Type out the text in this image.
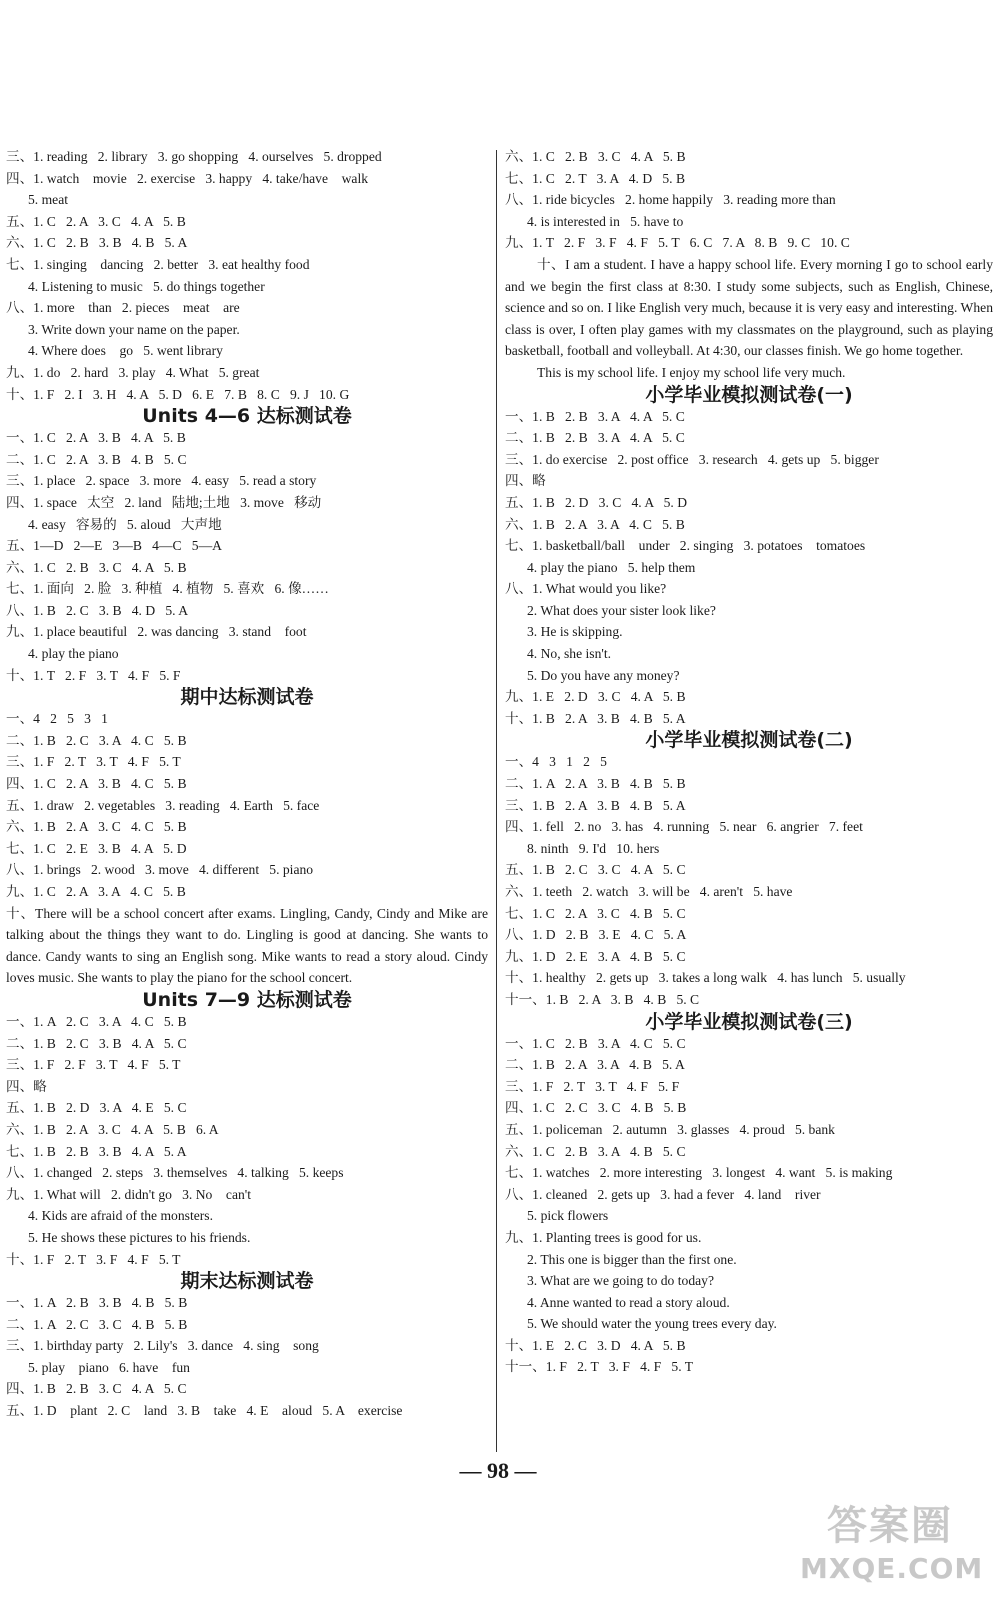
三、1. reading   2. library   3. go shopping   4. ourselves   5. dropped
四、1. watch    movie   2. exercise   3. happy   4. take/have    walk
5. meat
五、1. C   2. A   3. C   4. A   5. B
六、1. C   2. B   3. B   4. B   5. A
七、1. singing    dancing   2. better   3. eat healthy food
4. Listening to music   5. do things together
八、1. more    than   2. pieces    meat    are
3. Write down your name on the paper.
4. Where does    go   5. went library
九、1. do   2. hard   3. play   4. What   5. great
十、1. F   2. I   3. H   4. A   5. D   6. E   7. B   8. C   9. J   10. G
Units 4—6 达标测试卷
一、1. C   2. A   3. B   4. A   5. B
二、1. C   2. A   3. B   4. B   5. C
三、1. place   2. space   3. more   4. easy   5. read a story
四、1. space   太空   2. land   陆地;土地   3. move   移动
4. easy   容易的   5. aloud   大声地
五、1—D   2—E   3—B   4—C   5—A
六、1. C   2. B   3. C   4. A   5. B
七、1. 面向   2. 脸   3. 种植   4. 植物   5. 喜欢   6. 像……
八、1. B   2. C   3. B   4. D   5. A
九、1. place beautiful   2. was dancing   3. stand    foot
4. play the piano
十、1. T   2. F   3. T   4. F   5. F
期中达标测试卷
一、4   2   5   3   1
二、1. B   2. C   3. A   4. C   5. B
三、1. F   2. T   3. T   4. F   5. T
四、1. C   2. A   3. B   4. C   5. B
五、1. draw   2. vegetables   3. reading   4. Earth   5. face
六、1. B   2. A   3. C   4. C   5. B
七、1. C   2. E   3. B   4. A   5. D
八、1. brings   2. wood   3. move   4. different   5. piano
九、1. C   2. A   3. A   4. C   5. B
十、There will be a school concert after exams. Lingling, Candy, Cindy and Mike are talking about the things they want to do. Lingling is good at dancing. She wants to dance. Candy wants to sing an English song. Mike wants to read a story aloud. Cindy loves music. She wants to play the piano for the school concert.
Units 7—9 达标测试卷
一、1. A   2. C   3. A   4. C   5. B
二、1. B   2. C   3. B   4. A   5. C
三、1. F   2. F   3. T   4. F   5. T
四、略
五、1. B   2. D   3. A   4. E   5. C
六、1. B   2. A   3. C   4. A   5. B   6. A
七、1. B   2. B   3. B   4. A   5. A
八、1. changed   2. steps   3. themselves   4. talking   5. keeps
九、1. What will   2. didn't go   3. No    can't
4. Kids are afraid of the monsters.
5. He shows these pictures to his friends.
十、1. F   2. T   3. F   4. F   5. T
期末达标测试卷
一、1. A   2. B   3. B   4. B   5. B
二、1. A   2. C   3. C   4. B   5. B
三、1. birthday party   2. Lily's   3. dance   4. sing    song
5. play    piano   6. have    fun
四、1. B   2. B   3. C   4. A   5. C
五、1. D    plant   2. C    land   3. B    take   4. E    aloud   5. A    exercise
六、1. C   2. B   3. C   4. A   5. B
七、1. C   2. T   3. A   4. D   5. B
八、1. ride bicycles   2. home happily   3. reading more than
4. is interested in   5. have to
九、1. T   2. F   3. F   4. F   5. T   6. C   7. A   8. B   9. C   10. C
十、I am a student. I have a happy school life. Every morning I go to school early and we begin the first class at 8:30. I study some subjects, such as English, Chinese, science and so on. I like English very much, because it is very easy and interesting. When class is over, I often play games with my classmates on the playground, such as playing basketball, football and volleyball. At 4:30, our classes finish. We go home together.
This is my school life. I enjoy my school life very much.
小学毕业模拟测试卷(一)
一、1. B   2. B   3. A   4. A   5. C
二、1. B   2. B   3. A   4. A   5. C
三、1. do exercise   2. post office   3. research   4. gets up   5. bigger
四、略
五、1. B   2. D   3. C   4. A   5. D
六、1. B   2. A   3. A   4. C   5. B
七、1. basketball/ball    under   2. singing   3. potatoes    tomatoes
4. play the piano   5. help them
八、1. What would you like?
2. What does your sister look like?
3. He is skipping.
4. No, she isn't.
5. Do you have any money?
九、1. E   2. D   3. C   4. A   5. B
十、1. B   2. A   3. B   4. B   5. A
小学毕业模拟测试卷(二)
一、4   3   1   2   5
二、1. A   2. A   3. B   4. B   5. B
三、1. B   2. A   3. B   4. B   5. A
四、1. fell   2. no   3. has   4. running   5. near   6. angrier   7. feet
8. ninth   9. I'd   10. hers
五、1. B   2. C   3. C   4. A   5. C
六、1. teeth   2. watch   3. will be   4. aren't   5. have
七、1. C   2. A   3. C   4. B   5. C
八、1. D   2. B   3. E   4. C   5. A
九、1. D   2. E   3. A   4. B   5. C
十、1. healthy   2. gets up   3. takes a long walk   4. has lunch   5. usually
十一、1. B   2. A   3. B   4. B   5. C
小学毕业模拟测试卷(三)
一、1. C   2. B   3. A   4. C   5. C
二、1. B   2. A   3. A   4. B   5. A
三、1. F   2. T   3. T   4. F   5. F
四、1. C   2. C   3. C   4. B   5. B
五、1. policeman   2. autumn   3. glasses   4. proud   5. bank
六、1. C   2. B   3. A   4. B   5. C
七、1. watches   2. more interesting   3. longest   4. want   5. is making
八、1. cleaned   2. gets up   3. had a fever   4. land    river
5. pick flowers
九、1. Planting trees is good for us.
2. This one is bigger than the first one.
3. What are we going to do today?
4. Anne wanted to read a story aloud.
5. We should water the young trees every day.
十、1. E   2. C   3. D   4. A   5. B
十一、1. F   2. T   3. F   4. F   5. T
— 98 —
答案圈
MXQE.COM
